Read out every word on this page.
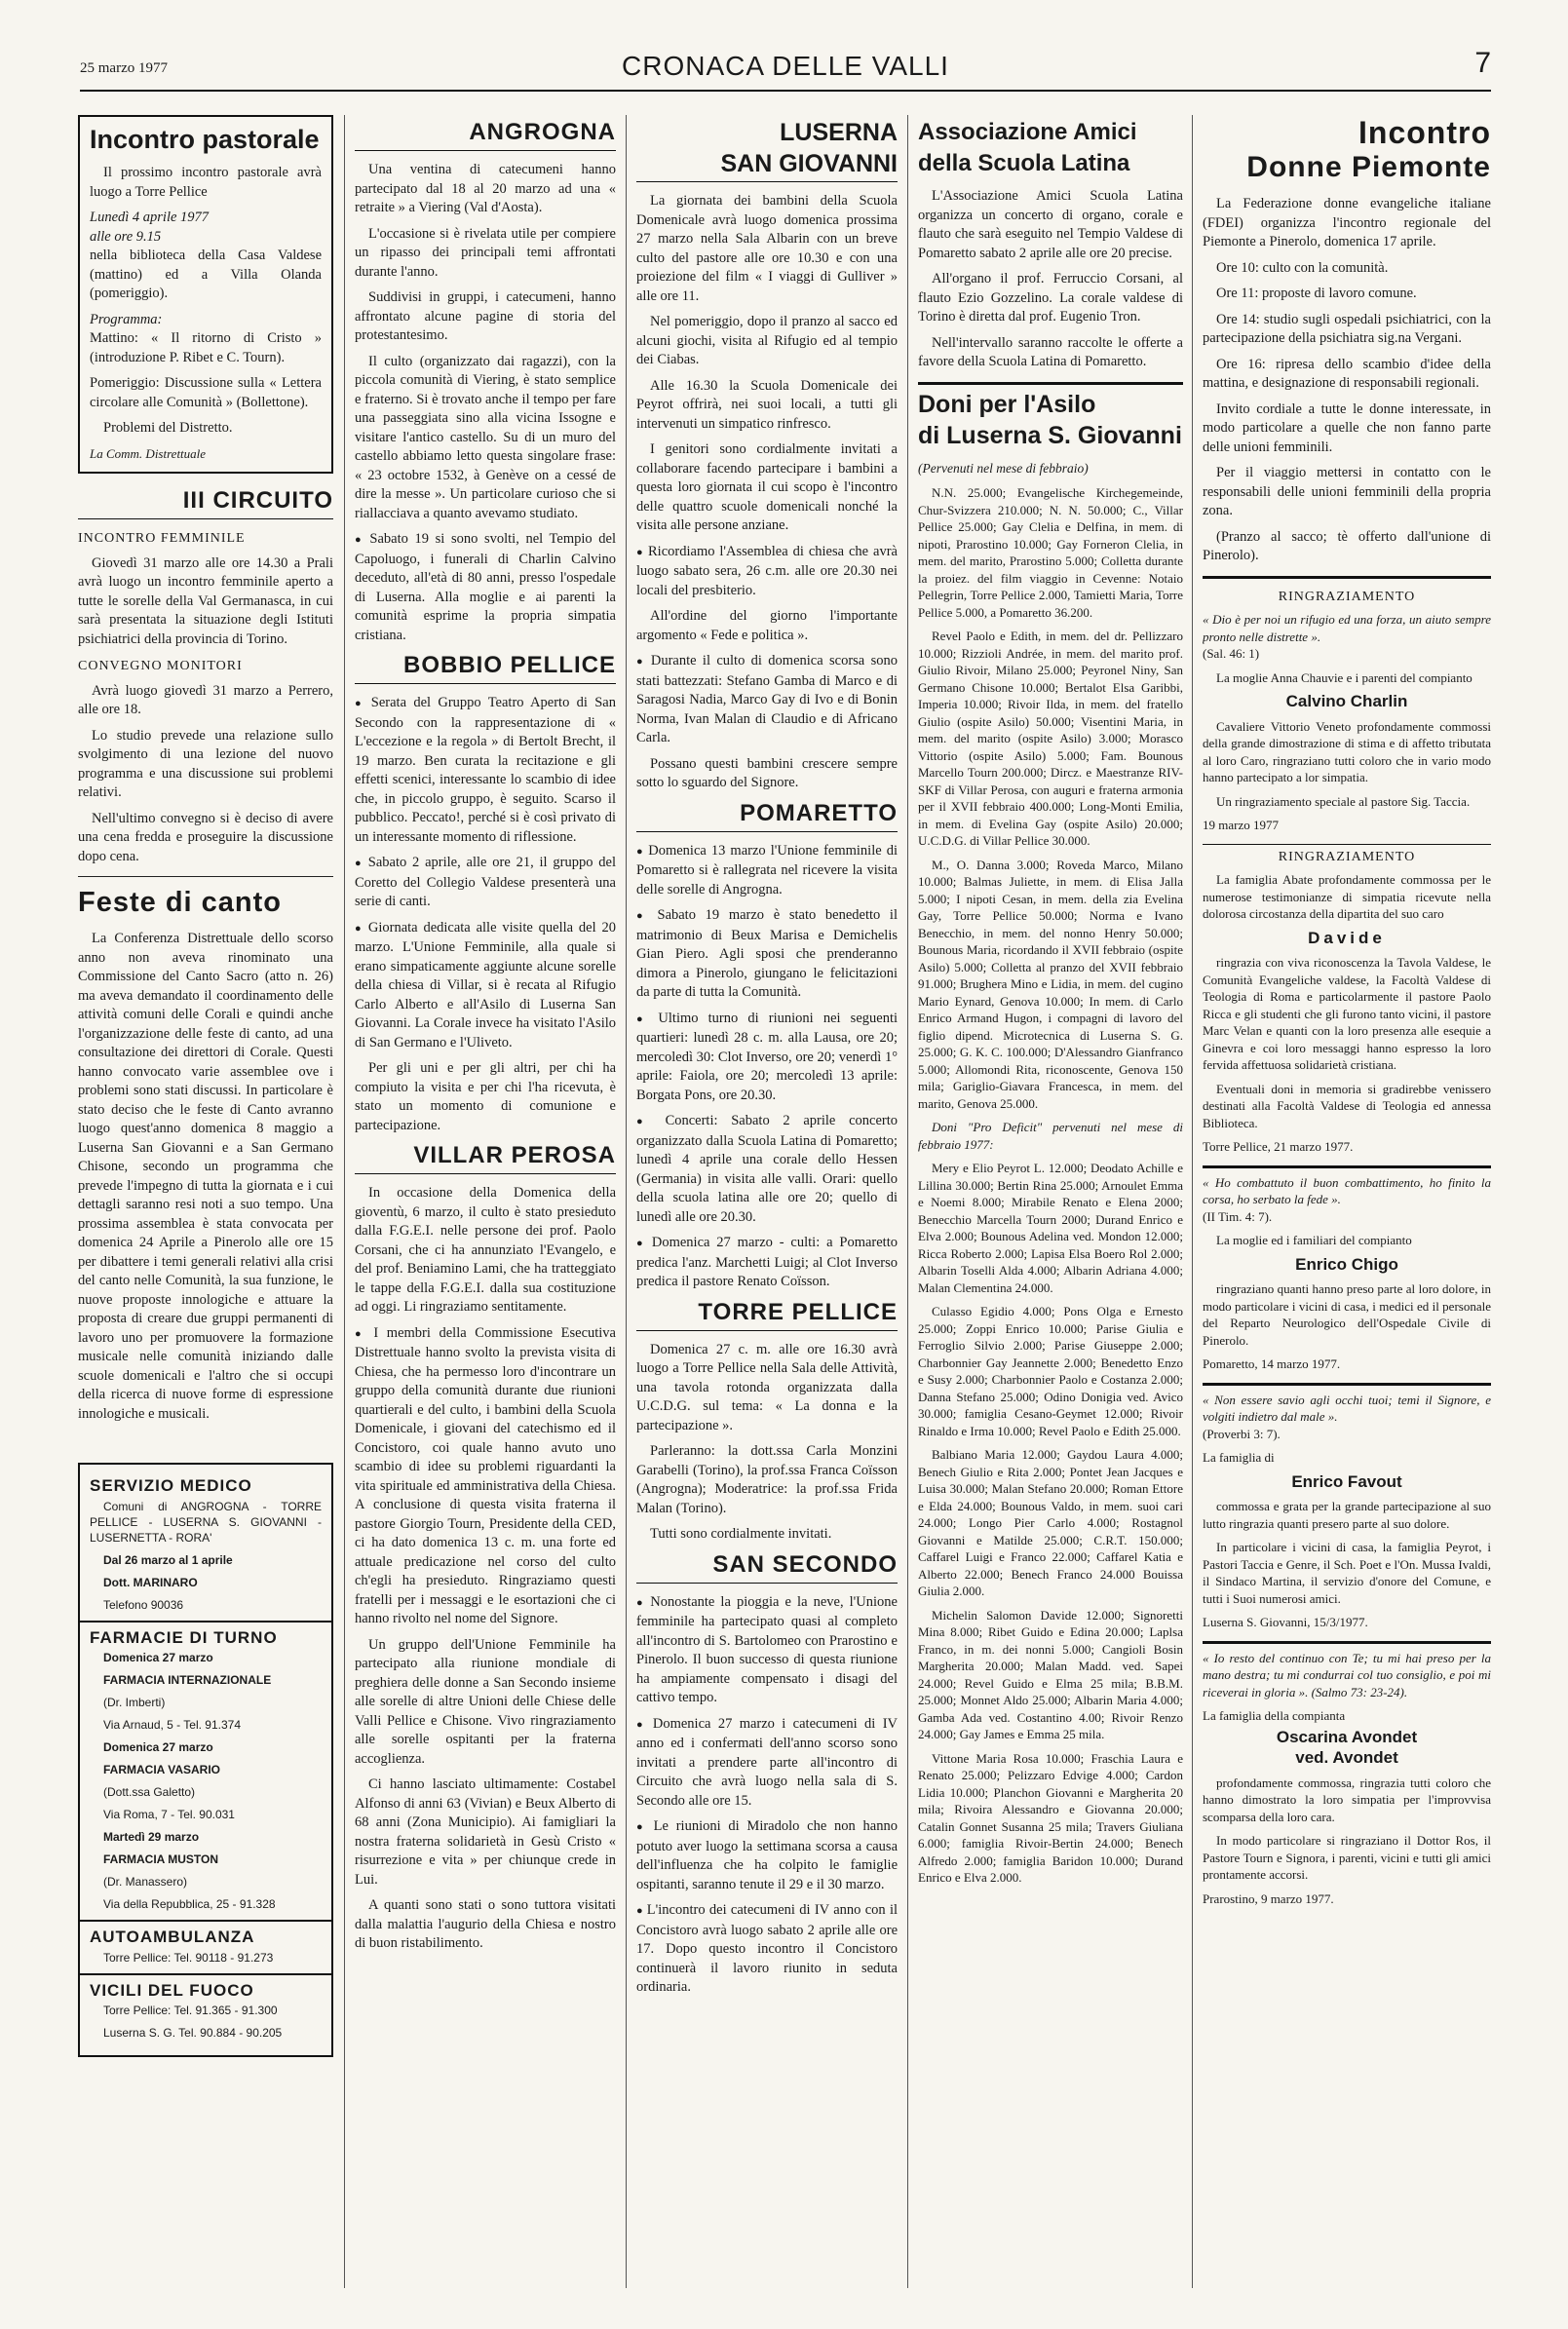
25 marzo 1977	CRONACA DELLE VALLI	7
Incontro pastorale

Il prossimo incontro pastorale avrà luogo a Torre Pellice

Lunedì 4 aprile 1977

alle ore 9.15

nella biblioteca della Casa Valdese (mattino) ed a Villa Olanda (pomeriggio).

Programma:

Mattino: « Il ritorno di Cristo » (introduzione P. Ribet e C. Tourn).

Pomeriggio: Discussione sulla « Lettera circolare alle Comunità » (Bollettone).

Problemi del Distretto.

La Comm. Distrettuale

III CIRCUITO
INCONTRO FEMMINILE

Giovedì 31 marzo alle ore 14.30 a Prali avrà luogo un incontro femminile aperto a tutte le sorelle della Val Germanasca, in cui sarà presentata la situazione degli Istituti psichiatrici della provincia di Torino.

CONVEGNO MONITORI

Avrà luogo giovedì 31 marzo a Perrero, alle ore 18.

Lo studio prevede una relazione sullo svolgimento di una lezione del nuovo programma e una discussione sui problemi relativi.

Nell'ultimo convegno si è deciso di avere una cena fredda e proseguire la discussione dopo cena.

Feste di canto

La Conferenza Distrettuale dello scorso anno non aveva rinominato una Commissione del Canto Sacro (atto n. 26) ma aveva demandato il coordinamento delle attività comuni delle Corali e quindi anche l'organizzazione delle feste di canto, ad una consultazione dei direttori di Corale. Questi hanno convocato varie assemblee ove i problemi sono stati discussi. In particolare è stato deciso che le feste di Canto avranno luogo quest'anno domenica 8 maggio a Luserna San Giovanni e a San Germano Chisone, secondo un programma che prevede l'impegno di tutta la giornata e i cui dettagli saranno resi noti a suo tempo. Una prossima assemblea è stata convocata per domenica 24 Aprile a Pinerolo alle ore 15 per dibattere i temi generali relativi alla crisi del canto nelle Comunità, la sua funzione, le nuove proposte innologiche e attuare la proposta di creare due gruppi permanenti di lavoro uno per promuovere la formazione musicale nelle comunità iniziando dalle scuole domenicali e l'altro che si occupi della ricerca di nuove forme di espressione innologiche e musicali.

SERVIZIO MEDICO

Comuni di ANGROGNA - TORRE PELLICE - LUSERNA S. GIOVANNI - LUSERNETTA - RORA'

Dal 26 marzo al 1 aprile

Dott. MARINARO

Telefono 90036

FARMACIE DI TURNO

Domenica 27 marzo

FARMACIA INTERNAZIONALE

(Dr. Imberti)

Via Arnaud, 5 - Tel. 91.374

Domenica 27 marzo

FARMACIA VASARIO

(Dott.ssa Galetto)

Via Roma, 7 - Tel. 90.031

Martedì 29 marzo

FARMACIA MUSTON

(Dr. Manassero)

Via della Repubblica, 25 - 91.328

AUTOAMBULANZA

Torre Pellice: Tel. 90118 - 91.273

VICILI DEL FUOCO

Torre Pellice: Tel. 91.365 - 91.300

Luserna S. G. Tel. 90.884 - 90.205

ANGROGNA

Una ventina di catecumeni hanno partecipato dal 18 al 20 marzo ad una « retraite » a Viering (Val d'Aosta).

L'occasione si è rivelata utile per compiere un ripasso dei principali temi affrontati durante l'anno.

Suddivisi in gruppi, i catecumeni, hanno affrontato alcune pagine di storia del protestantesimo.

Il culto (organizzato dai ragazzi), con la piccola comunità di Viering, è stato semplice e fraterno. Si è trovato anche il tempo per fare una passeggiata sino alla vicina Issogne e visitare l'antico castello. Su di un muro del castello abbiamo letto questa singolare frase: « 23 octobre 1532, à Genève on a cessé de dire la messe ». Un particolare curioso che si riallacciava a quanto avevamo studiato.

● Sabato 19 si sono svolti, nel Tempio del Capoluogo, i funerali di Charlin Calvino deceduto, all'età di 80 anni, presso l'ospedale di Luserna. Alla moglie e ai parenti la comunità esprime la propria simpatia cristiana.

BOBBIO PELLICE

● Serata del Gruppo Teatro Aperto di San Secondo con la rappresentazione di « L'eccezione e la regola » di Bertolt Brecht, il 19 marzo. Ben curata la recitazione e gli effetti scenici, interessante lo scambio di idee che, in piccolo gruppo, è seguito. Scarso il pubblico. Peccato!, perché si è così privato di un interessante momento di riflessione.

● Sabato 2 aprile, alle ore 21, il gruppo del Coretto del Collegio Valdese presenterà una serie di canti.

● Giornata dedicata alle visite quella del 20 marzo. L'Unione Femminile, alla quale si erano simpaticamente aggiunte alcune sorelle della chiesa di Villar, si è recata al Rifugio Carlo Alberto e all'Asilo di Luserna San Giovanni. La Corale invece ha visitato l'Asilo di San Germano e l'Uliveto.

Per gli uni e per gli altri, per chi ha compiuto la visita e per chi l'ha ricevuta, è stato un momento di comunione e partecipazione.

VILLAR PEROSA

In occasione della Domenica della gioventù, 6 marzo, il culto è stato presieduto dalla F.G.E.I. nelle persone dei prof. Paolo Corsani, che ci ha annunziato l'Evangelo, e del prof. Beniamino Lami, che ha tratteggiato le tappe della F.G.E.I. dalla sua costituzione ad oggi. Li ringraziamo sentitamente.

● I membri della Commissione Esecutiva Distrettuale hanno svolto la prevista visita di Chiesa, che ha permesso loro d'incontrare un gruppo della comunità durante due riunioni quartierali e del culto, i bambini della Scuola Domenicale, i giovani del catechismo ed il Concistoro, coi quale hanno avuto uno scambio di idee su problemi riguardanti la vita spirituale ed amministrativa della Chiesa. A conclusione di questa visita fraterna il pastore Giorgio Tourn, Presidente della CED, ci ha dato domenica 13 c. m. una forte ed attuale predicazione nel corso del culto ch'egli ha presieduto. Ringraziamo questi fratelli per i messaggi e le esortazioni che ci hanno rivolto nel nome del Signore.

Un gruppo dell'Unione Femminile ha partecipato alla riunione mondiale di preghiera delle donne a San Secondo insieme alle sorelle di altre Unioni delle Chiese delle Valli Pellice e Chisone. Vivo ringraziamento alle sorelle ospitanti per la fraterna accoglienza.

Ci hanno lasciato ultimamente: Costabel Alfonso di anni 63 (Vivian) e Beux Alberto di 68 anni (Zona Municipio). Ai famigliari la nostra fraterna solidarietà in Gesù Cristo « risurrezione e vita » per chiunque crede in Lui.

A quanti sono stati o sono tuttora visitati dalla malattia l'augurio della Chiesa e nostro di buon ristabilimento.

LUSERNA
SAN GIOVANNI

La giornata dei bambini della Scuola Domenicale avrà luogo domenica prossima 27 marzo nella Sala Albarin con un breve culto del pastore alle ore 10.30 e con una proiezione del film « I viaggi di Gulliver » alle ore 11.

Nel pomeriggio, dopo il pranzo al sacco ed alcuni giochi, visita al Rifugio ed al tempio dei Ciabas.

Alle 16.30 la Scuola Domenicale dei Peyrot offrirà, nei suoi locali, a tutti gli intervenuti un simpatico rinfresco.

I genitori sono cordialmente invitati a collaborare facendo partecipare i bambini a questa loro giornata il cui scopo è l'incontro delle quattro scuole domenicali nonché la visita alle persone anziane.

● Ricordiamo l'Assemblea di chiesa che avrà luogo sabato sera, 26 c.m. alle ore 20.30 nei locali del presbiterio.

All'ordine del giorno l'importante argomento « Fede e politica ».

● Durante il culto di domenica scorsa sono stati battezzati: Stefano Gamba di Marco e di Saragosi Nadia, Marco Gay di Ivo e di Bonin Norma, Ivan Malan di Claudio e di Africano Carla.

Possano questi bambini crescere sempre sotto lo sguardo del Signore.

POMARETTO

● Domenica 13 marzo l'Unione femminile di Pomaretto si è rallegrata nel ricevere la visita delle sorelle di Angrogna.

● Sabato 19 marzo è stato benedetto il matrimonio di Beux Marisa e Demichelis Gian Piero. Agli sposi che prenderanno dimora a Pinerolo, giungano le felicitazioni da parte di tutta la Comunità.

● Ultimo turno di riunioni nei seguenti quartieri: lunedì 28 c. m. alla Lausa, ore 20; mercoledì 30: Clot Inverso, ore 20; venerdì 1° aprile: Faiola, ore 20; mercoledì 13 aprile: Borgata Pons, ore 20.30.

● Concerti: Sabato 2 aprile concerto organizzato dalla Scuola Latina di Pomaretto; lunedì 4 aprile una corale dello Hessen (Germania) in visita alle valli. Orari: quello della scuola latina alle ore 20; quello di lunedì alle ore 20.30.

● Domenica 27 marzo - culti: a Pomaretto predica l'anz. Marchetti Luigi; al Clot Inverso predica il pastore Renato Coïsson.

TORRE PELLICE

Domenica 27 c. m. alle ore 16.30 avrà luogo a Torre Pellice nella Sala delle Attività, una tavola rotonda organizzata dalla U.C.D.G. sul tema: « La donna e la partecipazione ».

Parleranno: la dott.ssa Carla Monzini Garabelli (Torino), la prof.ssa Franca Coïsson (Angrogna); Moderatrice: la prof.ssa Frida Malan (Torino).

Tutti sono cordialmente invitati.

SAN SECONDO

● Nonostante la pioggia e la neve, l'Unione femminile ha partecipato quasi al completo all'incontro di S. Bartolomeo con Prarostino e Pinerolo. Il buon successo di questa riunione ha ampiamente compensato i disagi del cattivo tempo.

● Domenica 27 marzo i catecumeni di IV anno ed i confermati dell'anno scorso sono invitati a prendere parte all'incontro di Circuito che avrà luogo nella sala di S. Secondo alle ore 15.

● Le riunioni di Miradolo che non hanno potuto aver luogo la settimana scorsa a causa dell'influenza che ha colpito le famiglie ospitanti, saranno tenute il 29 e il 30 marzo.

● L'incontro dei catecumeni di IV anno con il Concistoro avrà luogo sabato 2 aprile alle ore 17. Dopo questo incontro il Concistoro continuerà il lavoro riunito in seduta ordinaria.

Associazione Amici
della Scuola Latina

L'Associazione Amici Scuola Latina organizza un concerto di organo, corale e flauto che sarà eseguito nel Tempio Valdese di Pomaretto sabato 2 aprile alle ore 20 precise.

All'organo il prof. Ferruccio Corsani, al flauto Ezio Gozzelino. La corale valdese di Torino è diretta dal prof. Eugenio Tron.

Nell'intervallo saranno raccolte le offerte a favore della Scuola Latina di Pomaretto.

Doni per l'Asilo
di Luserna S. Giovanni

(Pervenuti nel mese di febbraio)

N.N. 25.000; Evangelische Kirchegemeinde, Chur-Svizzera 210.000; N. N. 50.000; C., Villar Pellice 25.000; Gay Clelia e Delfina, in mem. di nipoti, Prarostino 10.000; Gay Forneron Clelia, in mem. del marito, Prarostino 5.000; Colletta durante la proiez. del film viaggio in Cevenne: Notaio Pellegrin, Torre Pellice 2.000, Tamietti Maria, Torre Pellice 5.000, a Pomaretto 36.200.

Revel Paolo e Edith, in mem. del dr. Pellizzaro 10.000; Rizzioli Andrée, in mem. del marito prof. Giulio Rivoir, Milano 25.000; Peyronel Niny, San Germano Chisone 10.000; Bertalot Elsa Garibbi, Imperia 10.000; Rivoir Ilda, in mem. del fratello Giulio (ospite Asilo) 50.000; Visentini Maria, in mem. del marito (ospite Asilo) 3.000; Morasco Vittorio (ospite Asilo) 5.000; Fam. Bounous Marcello Tourn 200.000; Dircz. e Maestranze RIV-SKF di Villar Perosa, con auguri e fraterna armonia per il XVII febbraio 400.000; Long-Monti Emilia, in mem. di Evelina Gay (ospite Asilo) 20.000; U.C.D.G. di Villar Pellice 30.000.

M., O. Danna 3.000; Roveda Marco, Milano 10.000; Balmas Juliette, in mem. di Elisa Jalla 5.000; I nipoti Cesan, in mem. della zia Evelina Gay, Torre Pellice 50.000; Norma e Ivano Benecchio, in mem. del nonno Henry 50.000; Bounous Maria, ricordando il XVII febbraio (ospite Asilo) 5.000; Colletta al pranzo del XVII febbraio 91.000; Brughera Mino e Lidia, in mem. del cugino Mario Eynard, Genova 10.000; In mem. di Carlo Enrico Armand Hugon, i compagni di lavoro del figlio dipend. Microtecnica di Luserna S. G. 25.000; G. K. C. 100.000; D'Alessandro Gianfranco 5.000; Allomondi Rita, riconoscente, Genova 150 mila; Gariglio-Giavara Francesca, in mem. del marito, Genova 25.000.

Doni "Pro Deficit" pervenuti nel mese di febbraio 1977:

Mery e Elio Peyrot L. 12.000; Deodato Achille e Lillina 30.000; Bertin Rina 25.000; Arnoulet Emma e Noemi 8.000; Mirabile Renato e Elena 2000; Benecchio Marcella Tourn 2000; Durand Enrico e Elva 2.000; Bounous Adelina ved. Mondon 12.000; Ricca Roberto 2.000; Lapisa Elsa Boero Rol 2.000; Albarin Toselli Alda 4.000; Albarin Adriana 4.000; Malan Clementina 24.000.

Culasso Egidio 4.000; Pons Olga e Ernesto 25.000; Zoppi Enrico 10.000; Parise Giulia e Ferroglio Silvio 2.000; Parise Giuseppe 2.000; Charbonnier Gay Jeannette 2.000; Benedetto Enzo e Susy 2.000; Charbonnier Paolo e Costanza 2.000; Danna Stefano 25.000; Odino Donigia ved. Avico 30.000; famiglia Cesano-Geymet 12.000; Rivoir Rinaldo e Irma 10.000; Revel Paolo e Edith 25.000.

Balbiano Maria 12.000; Gaydou Laura 4.000; Benech Giulio e Rita 2.000; Pontet Jean Jacques e Luisa 30.000; Malan Stefano 20.000; Roman Ettore e Elda 24.000; Bounous Valdo, in mem. suoi cari 24.000; Longo Pier Carlo 4.000; Rostagnol Giovanni e Matilde 25.000; C.R.T. 150.000; Caffarel Luigi e Franco 22.000; Caffarel Katia e Alberto 22.000; Benech Franco 24.000 Bouissa Giulia 2.000.

Michelin Salomon Davide 12.000; Signoretti Mina 8.000; Ribet Guido e Edina 20.000; Laplsa Franco, in m. dei nonni 5.000; Cangioli Bosin Margherita 20.000; Malan Madd. ved. Sapei 24.000; Revel Guido e Elma 25 mila; B.B.M. 25.000; Monnet Aldo 25.000; Albarin Maria 4.000; Gamba Ada ved. Costantino 4.00; Rivoir Renzo 24.000; Gay James e Emma 25 mila.

Vittone Maria Rosa 10.000; Fraschia Laura e Renato 25.000; Pelizzaro Edvige 4.000; Cardon Lidia 10.000; Planchon Giovanni e Margherita 20 mila; Rivoira Alessandro e Giovanna 20.000; Catalin Gonnet Susanna 25 mila; Travers Giuliana 6.000; famiglia Rivoir-Bertin 24.000; Benech Alfredo 2.000; famiglia Baridon 10.000; Durand Enrico e Elva 2.000.

Incontro
Donne Piemonte

La Federazione donne evangeliche italiane (FDEI) organizza l'incontro regionale del Piemonte a Pinerolo, domenica 17 aprile.

Ore 10: culto con la comunità.

Ore 11: proposte di lavoro comune.

Ore 14: studio sugli ospedali psichiatrici, con la partecipazione della psichiatra sig.na Vergani.

Ore 16: ripresa dello scambio d'idee della mattina, e designazione di responsabili regionali.

Invito cordiale a tutte le donne interessate, in modo particolare a quelle che non fanno parte delle unioni femminili.

Per il viaggio mettersi in contatto con le responsabili delle unioni femminili della propria zona.

(Pranzo al sacco; tè offerto dall'unione di Pinerolo).

RINGRAZIAMENTO

« Dio è per noi un rifugio ed una forza, un aiuto sempre pronto nelle distrette ».

(Sal. 46: 1)

La moglie Anna Chauvie e i parenti del compianto

Calvino Charlin

Cavaliere Vittorio Veneto profondamente commossi della grande dimostrazione di stima e di affetto tributata al loro Caro, ringraziano tutti coloro che in vario modo hanno partecipato a lor simpatia.

Un ringraziamento speciale al pastore Sig. Taccia.

19 marzo 1977

RINGRAZIAMENTO

La famiglia Abate profondamente commossa per le numerose testimonianze di simpatia ricevute nella dolorosa circostanza della dipartita del suo caro

Davide

ringrazia con viva riconoscenza la Tavola Valdese, le Comunità Evangeliche valdese, la Facoltà Valdese di Teologia di Roma e particolarmente il pastore Paolo Ricca e gli studenti che gli furono tanto vicini, il pastore Marc Velan e quanti con la loro presenza alle esequie a Ginevra e coi loro messaggi hanno espresso la loro fervida affettuosa solidarietà cristiana.

Eventuali doni in memoria si gradirebbe venissero destinati alla Facoltà Valdese di Teologia ed annessa Biblioteca.

Torre Pellice, 21 marzo 1977.

« Ho combattuto il buon combattimento, ho finito la corsa, ho serbato la fede ».

(II Tim. 4: 7).

La moglie ed i familiari del compianto

Enrico Chigo

ringraziano quanti hanno preso parte al loro dolore, in modo particolare i vicini di casa, i medici ed il personale del Reparto Neurologico dell'Ospedale Civile di Pinerolo.

Pomaretto, 14 marzo 1977.

« Non essere savio agli occhi tuoi; temi il Signore, e volgiti indietro dal male ».

(Proverbi 3: 7).

La famiglia di

Enrico Favout

commossa e grata per la grande partecipazione al suo lutto ringrazia quanti presero parte al suo dolore.

In particolare i vicini di casa, la famiglia Peyrot, i Pastori Taccia e Genre, il Sch. Poet e l'On. Mussa Ivaldi, il Sindaco Martina, il servizio d'onore del Comune, e tutti i Suoi numerosi amici.

Luserna S. Giovanni, 15/3/1977.

« Io resto del continuo con Te; tu mi hai preso per la mano destra; tu mi condurrai col tuo consiglio, e poi mi riceverai in gloria ». (Salmo 73: 23-24).

La famiglia della compianta

Oscarina Avondet
ved. Avondet

profondamente commossa, ringrazia tutti coloro che hanno dimostrato la loro simpatia per l'improvvisa scomparsa della loro cara.

In modo particolare si ringraziano il Dottor Ros, il Pastore Tourn e Signora, i parenti, vicini e tutti gli amici prontamente accorsi.

Prarostino, 9 marzo 1977.
